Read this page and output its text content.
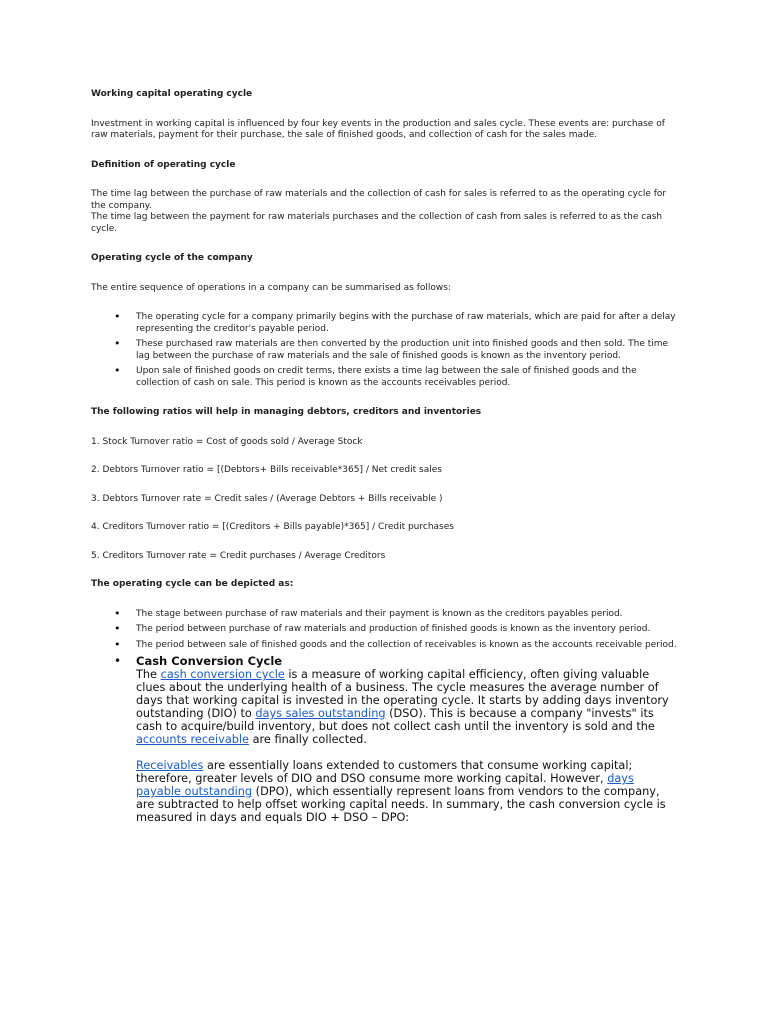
Working capital operating cycle
Investment in working capital is influenced by four key events in the production and sales cycle. These events are: purchase of raw materials, payment for their purchase, the sale of finished goods, and collection of cash for the sales made.
Definition of operating cycle
The time lag between the purchase of raw materials and the collection of cash for sales is referred to as the operating cycle for the company.
The time lag between the payment for raw materials purchases and the collection of cash from sales is referred to as the cash cycle.
Operating cycle of the company
The entire sequence of operations in a company can be summarised as follows:
• The operating cycle for a company primarily begins with the purchase of raw materials, which are paid for after a delay representing the creditor's payable period.
• These purchased raw materials are then converted by the production unit into finished goods and then sold. The time lag between the purchase of raw materials and the sale of finished goods is known as the inventory period.
• Upon sale of finished goods on credit terms, there exists a time lag between the sale of finished goods and the collection of cash on sale. This period is known as the accounts receivables period.
The following ratios will help in managing debtors, creditors and inventories
1. Stock Turnover ratio = Cost of goods sold / Average Stock
2. Debtors Turnover ratio = [(Debtors+ Bills receivable*365] / Net credit sales
3. Debtors Turnover rate = Credit sales / (Average Debtors + Bills receivable )
4. Creditors Turnover ratio = [(Creditors + Bills payable)*365] / Credit purchases
5. Creditors Turnover rate = Credit purchases / Average Creditors
The operating cycle can be depicted as:
• The stage between purchase of raw materials and their payment is known as the creditors payables period.
• The period between purchase of raw materials and production of finished goods is known as the inventory period.
• The period between sale of finished goods and the collection of receivables is known as the accounts receivable period.
• Cash Conversion Cycle

The cash conversion cycle is a measure of working capital efficiency, often giving valuable clues about the underlying health of a business. The cycle measures the average number of days that working capital is invested in the operating cycle. It starts by adding days inventory outstanding (DIO) to days sales outstanding (DSO). This is because a company "invests" its cash to acquire/build inventory, but does not collect cash until the inventory is sold and the accounts receivable are finally collected.

Receivables are essentially loans extended to customers that consume working capital; therefore, greater levels of DIO and DSO consume more working capital. However, days payable outstanding (DPO), which essentially represent loans from vendors to the company, are subtracted to help offset working capital needs. In summary, the cash conversion cycle is measured in days and equals DIO + DSO – DPO:
